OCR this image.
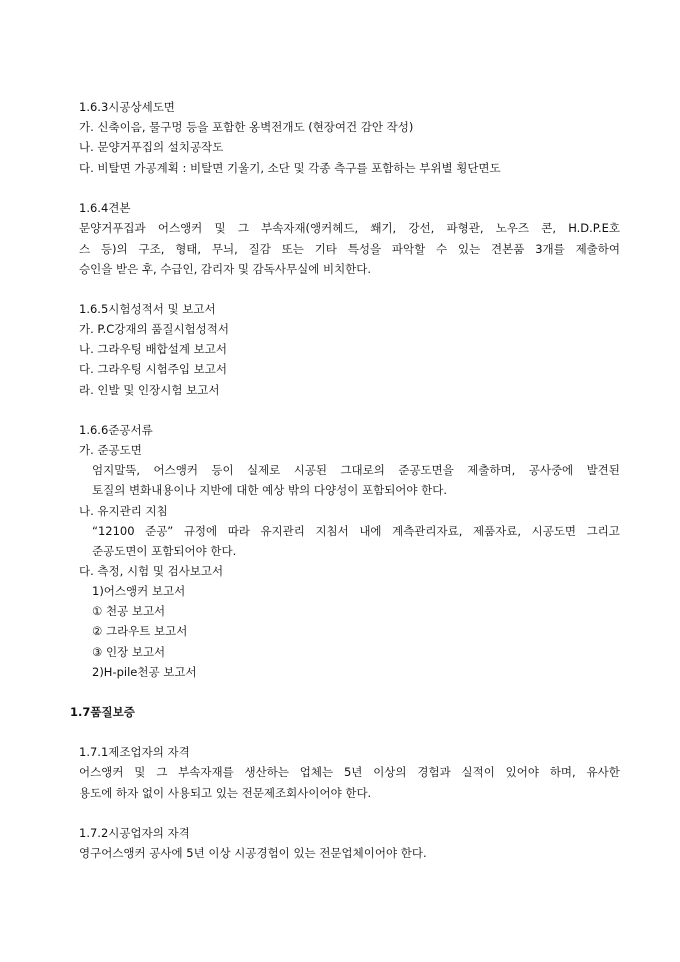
1.6.3시공상세도면
가. 신축이음, 물구멍 등을 포함한 옹벽전개도 (현장여건 감안 작성)
나. 문양거푸집의 설치공작도
다. 비탈면 가공계획 : 비탈면 기울기, 소단 및 각종 측구를 포함하는 부위별 횡단면도
1.6.4견본
문양거푸집과 어스앵커 및 그 부속자재(앵커헤드, 쐐기, 강선, 파형관, 노우즈 콘, H.D.P.E호
스 등)의 구조, 형태, 무늬, 질감 또는 기타 특성을 파악할 수 있는 견본품 3개를 제출하여
승인을 받은 후, 수급인, 감리자 및 감독사무실에 비치한다.
1.6.5시험성적서 및 보고서
가. P.C강재의 품질시험성적서
나. 그라우팅 배합설계 보고서
다. 그라우팅 시험주입 보고서
라. 인발 및 인장시험 보고서
1.6.6준공서류
가. 준공도면
엄지말뚝, 어스앵커 등이 실제로 시공된 그대로의 준공도면을 제출하며, 공사중에 발견된
토질의 변화내용이나 지반에 대한 예상 밖의 다양성이 포함되어야 한다.
나. 유지관리 지침
“12100 준공” 규정에 따라 유지관리 지침서 내에 계측관리자료, 제품자료, 시공도면 그리고
준공도면이 포함되어야 한다.
다. 측정, 시험 및 검사보고서
1)어스앵커 보고서
① 천공 보고서
② 그라우트 보고서
③ 인장 보고서
2)H-pile천공 보고서
1.7품질보증
1.7.1제조업자의 자격
어스앵커 및 그 부속자재를 생산하는 업체는 5년 이상의 경험과 실적이 있어야 하며, 유사한
용도에 하자 없이 사용되고 있는 전문제조회사이어야 한다.
1.7.2시공업자의 자격
영구어스앵커 공사에 5년 이상 시공경험이 있는 전문업체이어야 한다.
